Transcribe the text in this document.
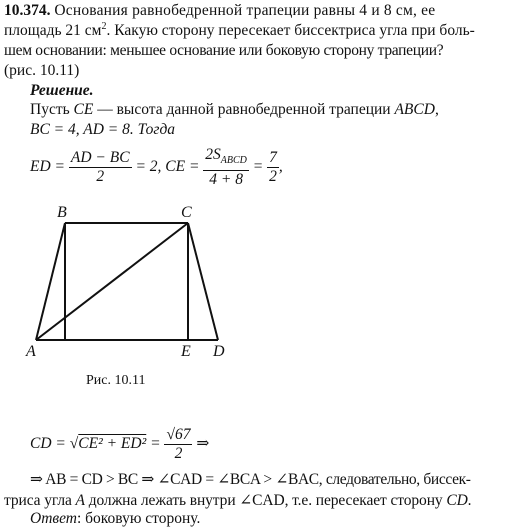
10.374. Основания равнобедренной трапеции равны 4 и 8 см, ее
площадь 21 $см^2$. Какую сторону пересекает биссектриса угла при боль-
шем основании: меньшее основание или боковую сторону трапеции?
(рис. 10.11)
Решение.
Пусть CE — высота данной равнобедренной трапеции ABCD,
BC = 4, AD = 8. Тогда
ED = $\frac{AD - BC}{2} = 2$, CE = $\frac{2S_{ABCD}}{4 + 8} = \frac{7}{2}$ ,
B	C
A	E D
Рис. 10.11
CD = $√CE^2 + ED^2 = \frac{√67}{2}$ ⇒
⇒ AB = CD > BC ⇒ ∠CAD = ∠BCA > ∠BAC, следовательно, биссек-
триса угла A должна лежать внутри ∠CAD, т.е. пересекает сторону CD.
Ответ: боковую сторону.
